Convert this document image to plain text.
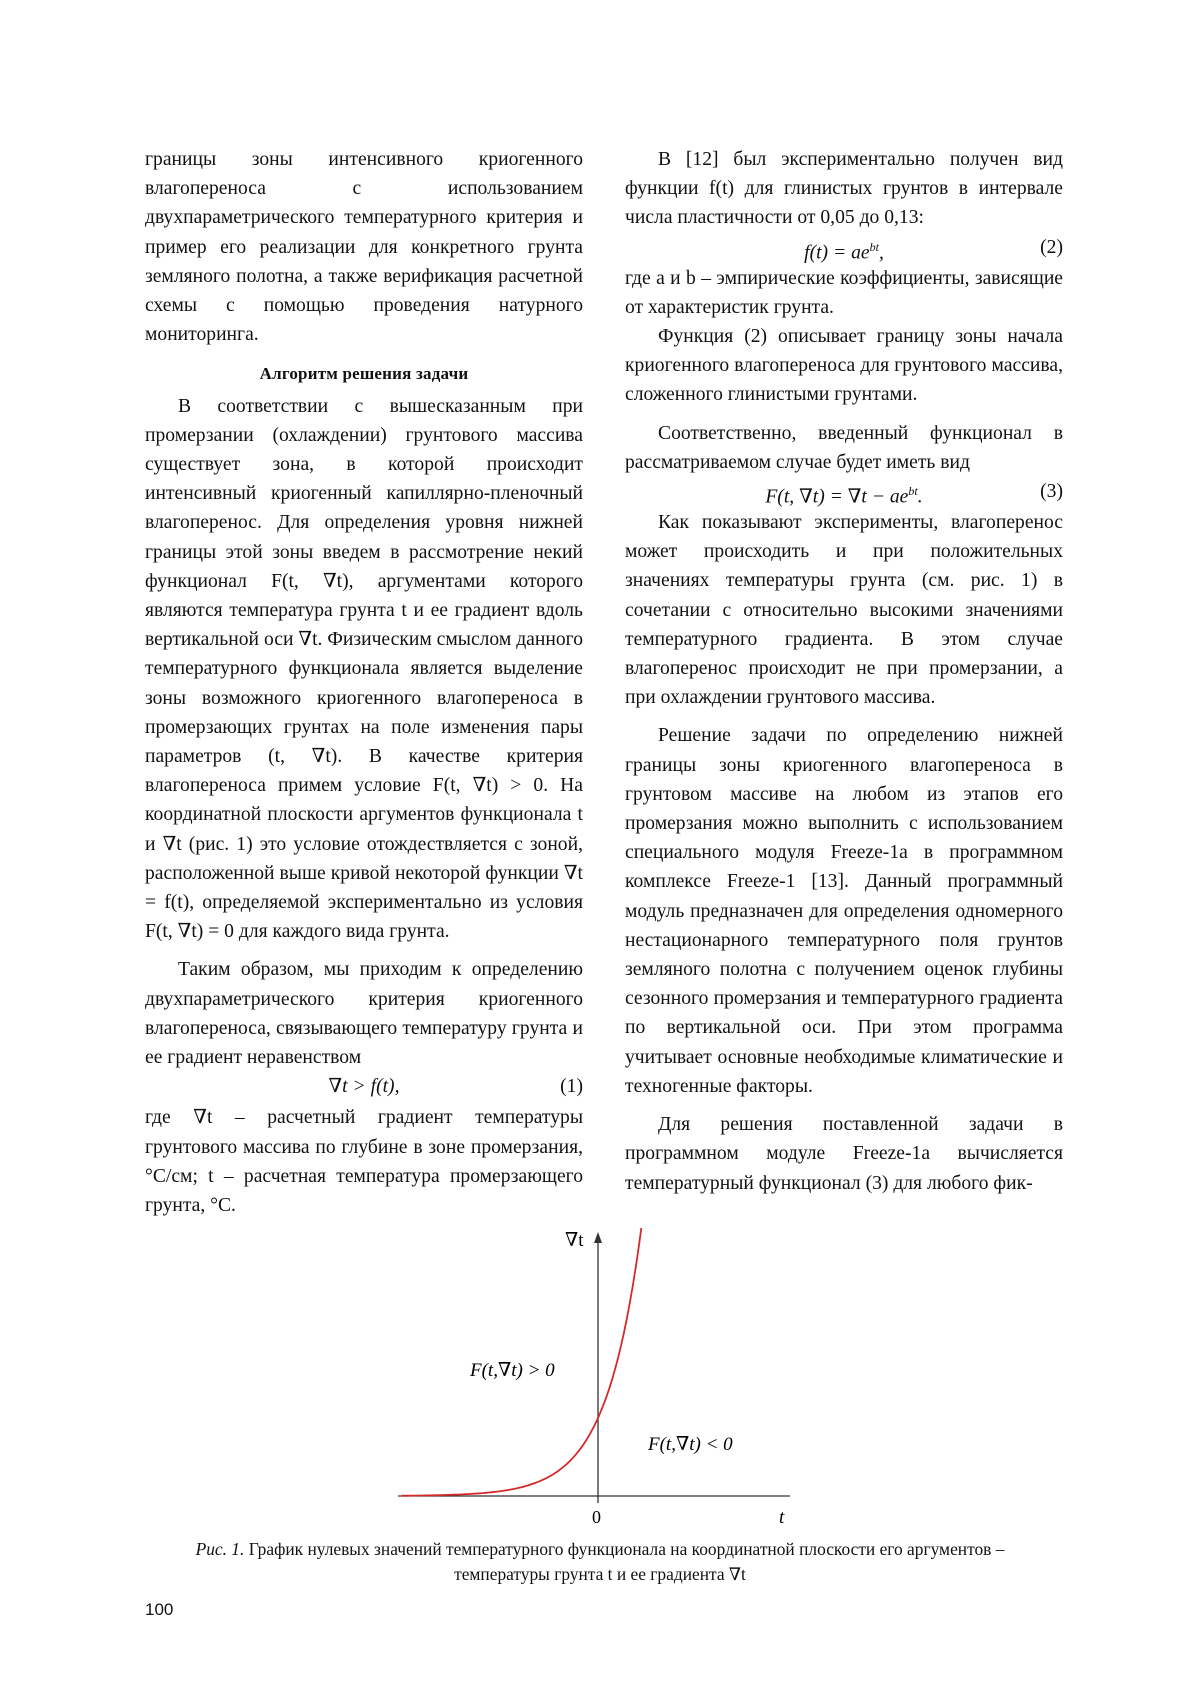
границы зоны интенсивного криогенного влагопереноса с использованием двухпараметрического температурного критерия и пример его реализации для конкретного грунта земляного полотна, а также верификация расчетной схемы с помощью проведения натурного мониторинга.

Алгоритм решения задачи

В соответствии с вышесказанным при промерзании (охлаждении) грунтового массива существует зона, в которой происходит интенсивный криогенный капиллярно-пленочный влагоперенос. Для определения уровня нижней границы этой зоны введем в рассмотрение некий функционал F(t, ∇t), аргументами которого являются температура грунта t и ее градиент вдоль вертикальной оси ∇t. Физическим смыслом данного температурного функционала является выделение зоны возможного криогенного влагопереноса в промерзающих грунтах на поле изменения пары параметров (t, ∇t). В качестве критерия влагопереноса примем условие F(t, ∇t) > 0. На координатной плоскости аргументов функционала t и ∇t (рис. 1) это условие отождествляется с зоной, расположенной выше кривой некоторой функции ∇t = f(t), определяемой экспериментально из условия F(t, ∇t) = 0 для каждого вида грунта.

Таким образом, мы приходим к определению двухпараметрического критерия криогенного влагопереноса, связывающего температуру грунта и ее градиент неравенством

∇t > f(t),	(1)

где ∇t – расчетный градиент температуры грунтового массива по глубине в зоне промерзания, °C/см; t – расчетная температура промерзающего грунта, °C.

В [12] был экспериментально получен вид функции f(t) для глинистых грунтов в интервале числа пластичности от 0,05 до 0,13:

$f(t) = ae^{bt}$,	(2)

где a и b – эмпирические коэффициенты, зависящие от характеристик грунта.

Функция (2) описывает границу зоны начала криогенного влагопереноса для грунтового массива, сложенного глинистыми грунтами.

Соответственно, введенный функционал в рассматриваемом случае будет иметь вид

F(t, $\nabla t) = \nabla t - ae^{bt}$.	(3)

Как показывают эксперименты, влагоперенос может происходить и при положительных значениях температуры грунта (см. рис. 1) в сочетании с относительно высокими значениями температурного градиента. В этом случае влагоперенос происходит не при промерзании, а при охлаждении грунтового массива.

Решение задачи по определению нижней границы зоны криогенного влагопереноса в грунтовом массиве на любом из этапов его промерзания можно выполнить с использованием специального модуля Freeze-1a в программном комплексе Freeze-1 [13]. Данный программный модуль предназначен для определения одномерного нестационарного температурного поля грунтов земляного полотна с получением оценок глубины сезонного промерзания и температурного градиента по вертикальной оси. При этом программа учитывает основные необходимые климатические и техногенные факторы.

Для решения поставленной задачи в программном модуле Freeze-1a вычисляется температурный функционал (3) для любого фик-

∇t
t
0
F(t,∇t) > 0
F(t,∇t) < 0
Рис. 1. График нулевых значений температурного функционала на координатной плоскости его аргументов – температуры грунта t и ее градиента ∇t
100
